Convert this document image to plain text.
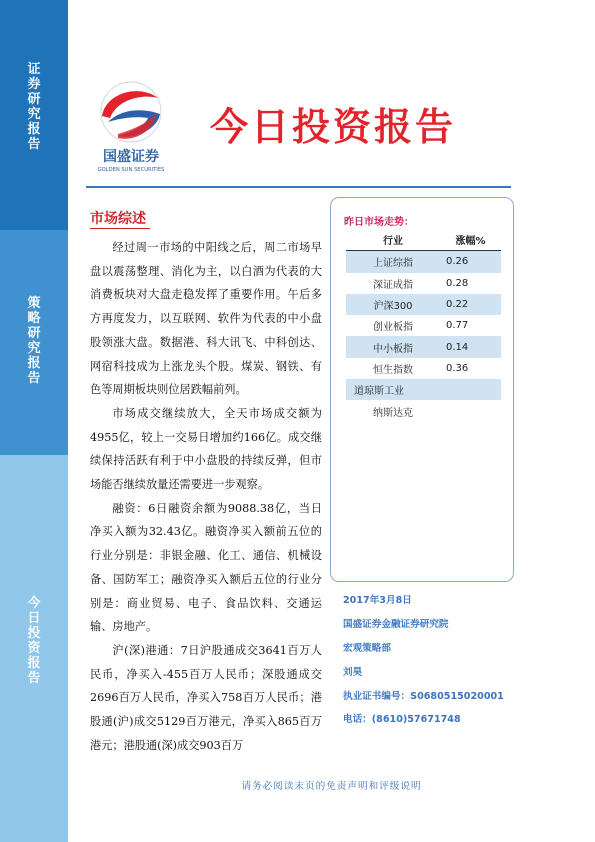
证券研究报告
策略研究报告
今日投资报告
国盛证券
GOLDEN SUN SECURITIES
今日投资报告
市场综述

经过周一市场的中阳线之后，周二市场早盘以震荡整理、消化为主，以白酒为代表的大消费板块对大盘走稳发挥了重要作用。午后多方再度发力，以互联网、软件为代表的中小盘股领涨大盘。数据港、科大讯飞、中科创达、网宿科技成为上涨龙头个股。煤炭、钢铁、有色等周期板块则位居跌幅前列。

市场成交继续放大，全天市场成交额为4955亿，较上一交易日增加约166亿。成交继续保持活跃有利于中小盘股的持续反弹，但市场能否继续放量还需要进一步观察。

融资：6日融资余额为9088.38亿，当日净买入额为32.43亿。融资净买入额前五位的行业分别是：非银金融、化工、通信、机械设备、国防军工；融资净买入额后五位的行业分别是：商业贸易、电子、食品饮料、交通运输、房地产。

沪(深)港通：7日沪股通成交3641百万人民币，净买入-455百万人民币；深股通成交2696百万人民币，净买入758百万人民币；港股通(沪)成交5129百万港元，净买入865百万港元；港股通(深)成交903百万

昨日市场走势：
行业	涨幅%
上证综指	0.26
深证成指	0.28
沪深300	0.22
创业板指	0.77
中小板指	0.14
恒生指数	0.36
道琼斯工业	
纳斯达克	
2017年3月8日
国盛证券金融证券研究院
宏观策略部
刘昊
执业证书编号：S0680515020001
电话：(8610)57671748
请务必阅读末页的免责声明和评级说明
